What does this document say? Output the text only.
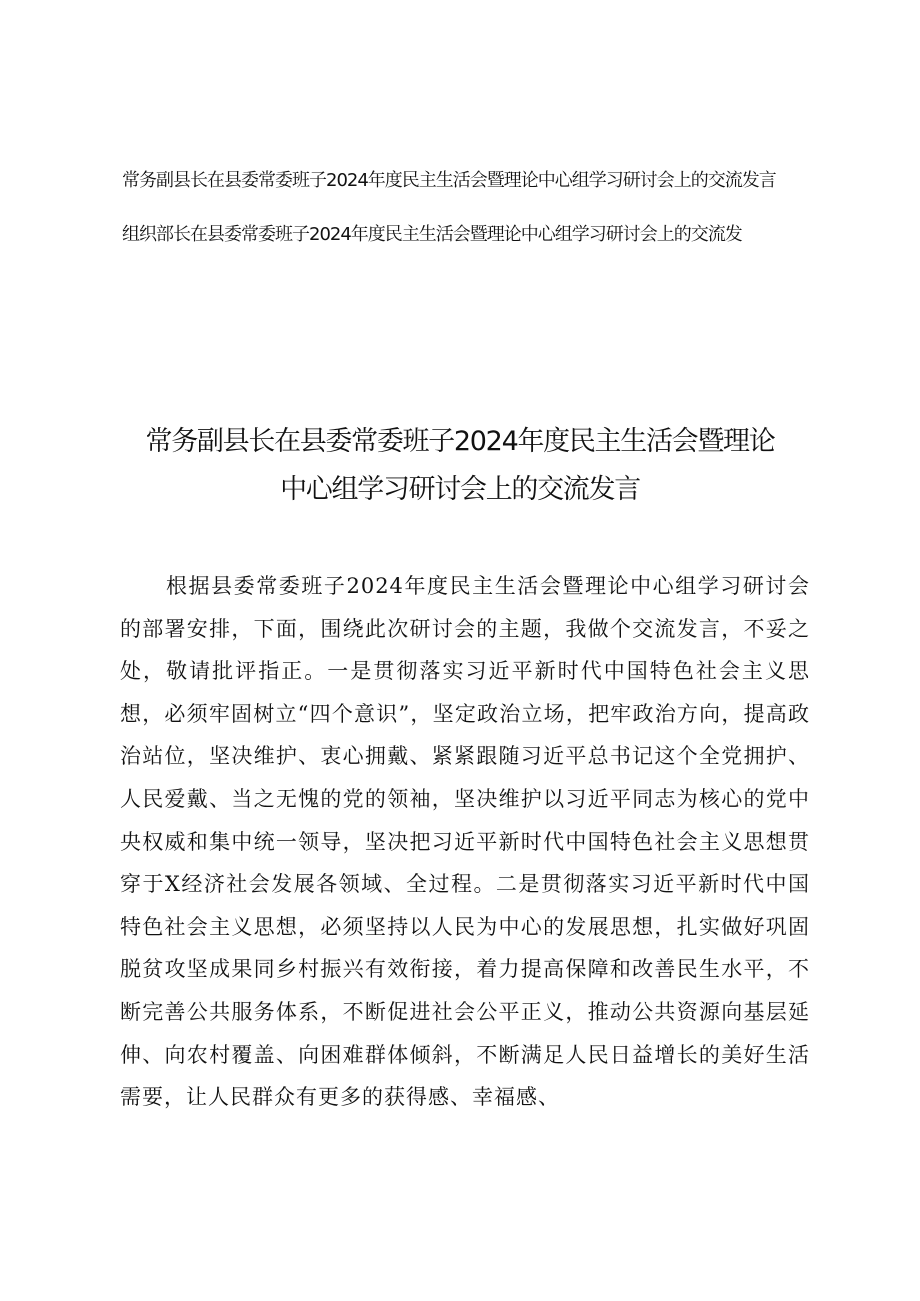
常务副县长在县委常委班子2024年度民主生活会暨理论中心组学习研讨会上的交流发言

组织部长在县委常委班子2024年度民主生活会暨理论中心组学习研讨会上的交流发

常务副县长在县委常委班子2024年度民主生活会暨理论
中心组学习研讨会上的交流发言

根据县委常委班子2024年度民主生活会暨理论中心组学习研讨会的部署安排，下面，围绕此次研讨会的主题，我做个交流发言，不妥之处，敬请批评指正。一是贯彻落实习近平新时代中国特色社会主义思想，必须牢固树立“四个意识”，坚定政治立场，把牢政治方向，提高政治站位，坚决维护、衷心拥戴、紧紧跟随习近平总书记这个全党拥护、人民爱戴、当之无愧的党的领袖，坚决维护以习近平同志为核心的党中央权威和集中统一领导，坚决把习近平新时代中国特色社会主义思想贯穿于X经济社会发展各领域、全过程。二是贯彻落实习近平新时代中国特色社会主义思想，必须坚持以人民为中心的发展思想，扎实做好巩固脱贫攻坚成果同乡村振兴有效衔接，着力提高保障和改善民生水平，不断完善公共服务体系，不断促进社会公平正义，推动公共资源向基层延伸、向农村覆盖、向困难群体倾斜，不断满足人民日益增长的美好生活需要，让人民群众有更多的获得感、幸福感、
